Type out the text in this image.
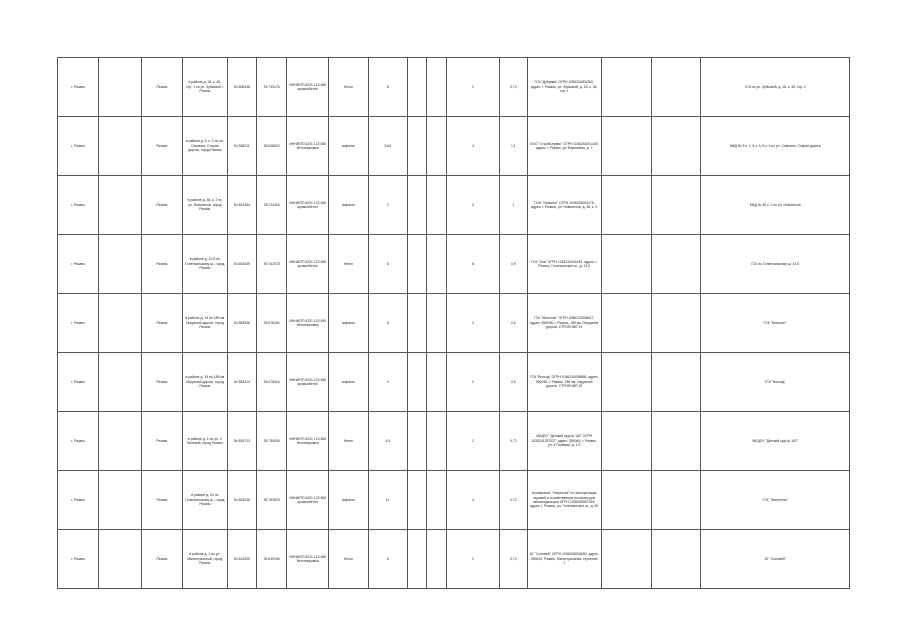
г. Рязань		Рязань	в районе д. 18, к. 45, стр. 1 по ул. Зубковой г. Рязань	54.608438	39.730176	ИНН/КПП 6231 123 456 кромкобетон	бетон	8			2	0,72	ГСК "Дубрава" ОГРН 1096234004260, адрес: г. Рязань, ул. Зубковой, д. 18, к. 45, стр. 1			ГСК по ул. Зубковой, д. 18, к. 45, стр. 1
г. Рязань		Рязань	в районе д. 5, к. 1 по ул. Семчино, Старая дорога, город Рязань	54.596211	39.628502	ИНН/КПП 6231 123 456 бетонокромка	асфальт	24/3			4	1,1	ООО "СтройСервис" ОГРН 1106234001449, адрес: г. Рязань, ул. Березовая, д. 7			МКД № 5 к. 1, 5 к. 3, 5 к. 4 по ул. Семчино, Старая дорога
г. Рязань		Рязань	в районе д. 36, к. 2 по ул. Новоселов, город Рязань	54.621464	39.714118	ИНН/КПП 6231 123 456 кромкобетон	асфальт	2			3	1	ТСЖ "Новосел" ОГРН 1096234004176, адрес: г. Рязань, ул. Новоселов, д. 36, к. 2			МКД № 36 к. 2 по ул. Новоселов
г. Рязань		Рязань	в районе д. 13 б по Голенчинскому ш., город Рязань	54.603449	39.742078	ИНН/КПП 6231 123 456 кромкобетон	бетон	6			6	0,9	ГСК "Ока" ОГРН 1136234004430, адрес: г. Рязань, Голенчинское ш., д. 13 б			ГСК по Голенчинскому ш. 13 б
г. Рязань		Рязань	в районе д. 14 по 189 км Окружной дороги, город Рязань	54.583938	39.676182	ИНН/КПП 6231 123 456 бетонокромка	асфальт	8			3	0,6	ГСК "Монолит" ОГРН 1056234008647, адрес: 390035, г. Рязань, 189 км. Окружной дороги, СТРОЕНИЕ 14			ГСК "Монолит"
г. Рязань		Рязань	в районе д. 15 по 189 км Окружной дороги, город Рязань	54.583414	39.678416	ИНН/КПП 6231 123 456 кромкобетон	асфальт	4			2	0,5	ГСК "Восход" ОГРН 1056234008658, адрес: 390035, г. Рязань, 189 км. Окружной дороги, СТРОЕНИЕ 15			ГСК "Восход"
г. Рязань		Рязань	в районе д. 1 по ул. 4 Полевой, город Рязань	54.629713	39.730536	ИНН/КПП 6231 123 456 бетонокромка	бетон	4,5			2	0,72	МБДОУ "Детский сад № 162" ОГРН 1026201257027, адрес: 390046, г. Рязань, ул. 4 Полевая, д. 1 б			МБДОУ "Детский сад № 162"
г. Рязань		Рязань	в районе д. 44 по Голенчинскому ш., город Рязань	54.604238	39.753929	ИНН/КПП 6231 123 456 кромкобетон	асфальт	14			4	0,72	Кооператив "Энергетик" по эксплуатации гаражей и хозяйственных построек для автовладельцев ОГРН 1036200667329, адрес: г. Рязань, ул. Голенчинское ш., д. 50			ГСК "Энергетик"
г. Рязань		Рязань	в районе д. 1 по ул. Магистральной, город Рязань	54.613209	39.649196	ИНН/КПП 6231 123 456 бетонокромка	бетон	6			2	0,72	АГ "Соловей" ОГРН 1036208000650, адрес: 390044, Рязань, Магистральная, строение 1			АГ "Соловей"
